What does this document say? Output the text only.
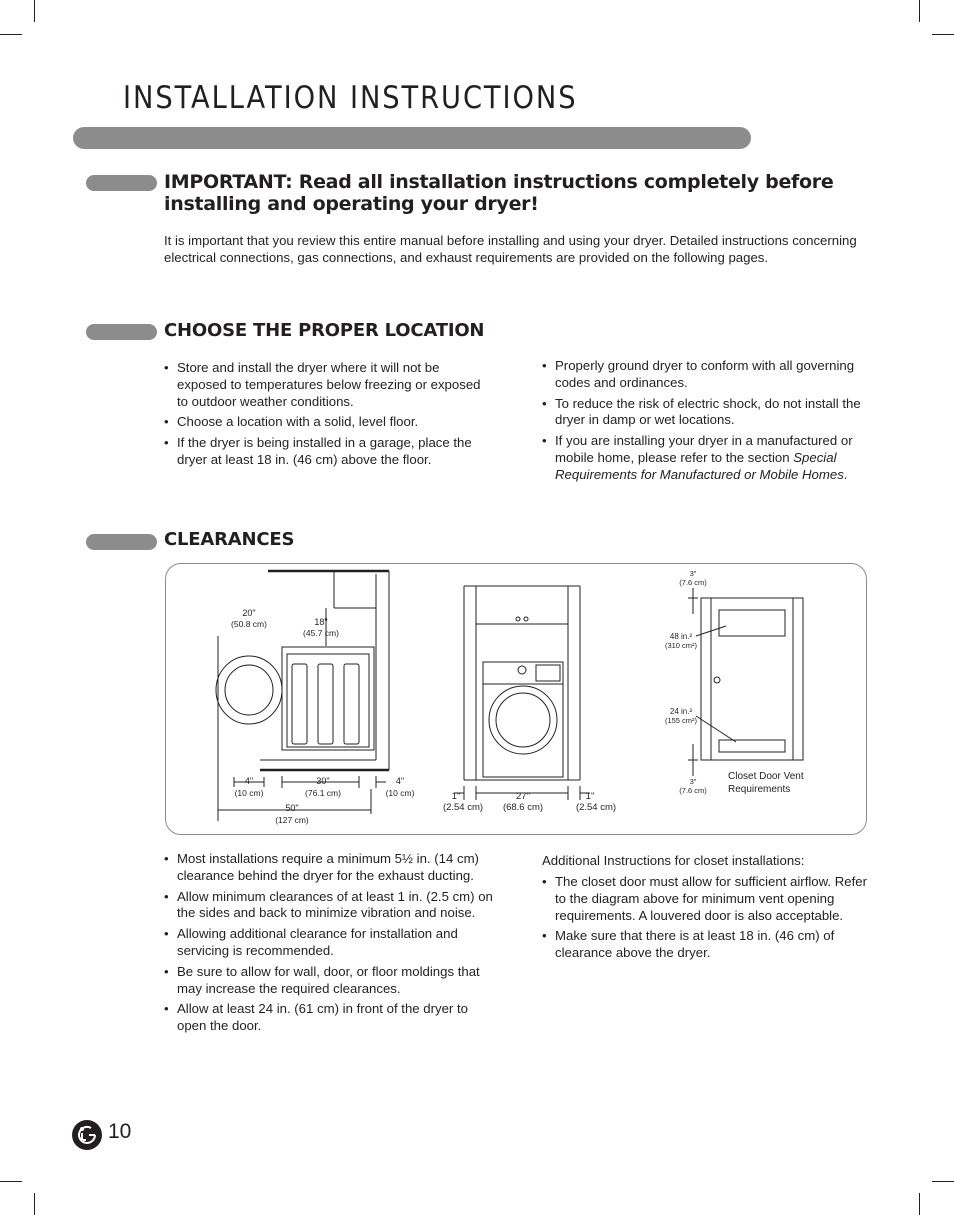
INSTALLATION INSTRUCTIONS
IMPORTANT: Read all installation instructions completely before installing and operating your dryer!

It is important that you review this entire manual before installing and using your dryer. Detailed instructions concerning electrical connections, gas connections, and exhaust requirements are provided on the following pages.

CHOOSE THE PROPER LOCATION
• Store and install the dryer where it will not be exposed to temperatures below freezing or exposed to outdoor weather conditions.
• Choose a location with a solid, level floor.
• If the dryer is being installed in a garage, place the dryer at least 18 in. (46 cm) above the floor.
• Properly ground dryer to conform with all governing codes and ordinances.
• To reduce the risk of electric shock, do not install the dryer in damp or wet locations.
• If you are installing your dryer in a manufactured or mobile home, please refer to the section Special Requirements for Manufactured or Mobile Homes.
CLEARANCES
20"
(50.8 cm)	18"
(45.7 cm)
4"
(10 cm)
30"
(76.1 cm)
4"
(10 cm)
50"
(127 cm)
1"
(2.54 cm)
27"
(68.6 cm)
1"
(2.54 cm)
3"
(7.6 cm)
48 in.²
(310 cm²)
24 in.²
(155 cm²)
3"
(7.6 cm)
Closet Door Vent
Requirements
• Most installations require a minimum 5½ in. (14 cm) clearance behind the dryer for the exhaust ducting.
• Allow minimum clearances of at least 1 in. (2.5 cm) on the sides and back to minimize vibration and noise.
• Allowing additional clearance for installation and servicing is recommended.
• Be sure to allow for wall, door, or floor moldings that may increase the required clearances.
• Allow at least 24 in. (61 cm) in front of the dryer to open the door.

Additional Instructions for closet installations:

• The closet door must allow for sufficient airflow. Refer to the diagram above for minimum vent opening requirements. A louvered door is also acceptable.
• Make sure that there is at least 18 in. (46 cm) of clearance above the dryer.
10
